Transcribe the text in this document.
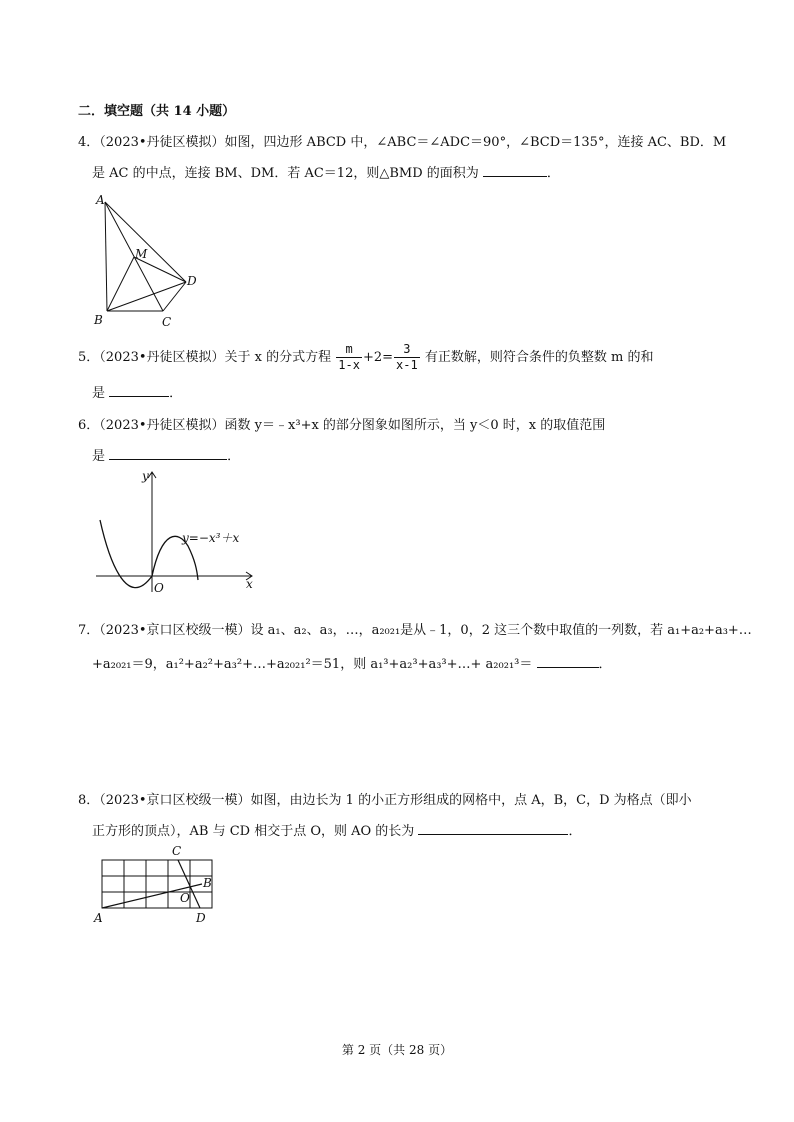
二．填空题（共 14 小题）
4．（2023•丹徒区模拟）如图，四边形 ABCD 中，∠ABC＝∠ADC＝90°，∠BCD＝135°，连接 AC、BD．M
是 AC 的中点，连接 BM、DM．若 AC＝12，则△BMD 的面积为	．
A
M
D
B	C
5．（2023•丹徒区模拟）关于 x 的分式方程 $\frac{m}{1-x} +2= \frac{3}{x-1}$ 有正数解，则符合条件的负整数 m 的和
是	．
6．（2023•丹徒区模拟）函数 y＝﹣x³+x 的部分图象如图所示，当 y＜0 时，x 的取值范围
是	．
y
x
O
y=−x³＋x
7．（2023•京口区校级一模）设 a₁、a₂、a₃，…，a₂₀₂₁是从﹣1，0，2 这三个数中取值的一列数，若 a₁+a₂+a₃+…
+a₂₀₂₁＝9，a₁²+a₂²+a₃²+…+a₂₀₂₁²＝51，则 a₁³+a₂³+a₃³+…+ a₂₀₂₁³＝	．
8．（2023•京口区校级一模）如图，由边长为 1 的小正方形组成的网格中，点 A，B，C，D 为格点（即小
正方形的顶点），AB 与 CD 相交于点 O，则 AO 的长为	．
A
B
C
D
O
第 2 页（共 28 页）
